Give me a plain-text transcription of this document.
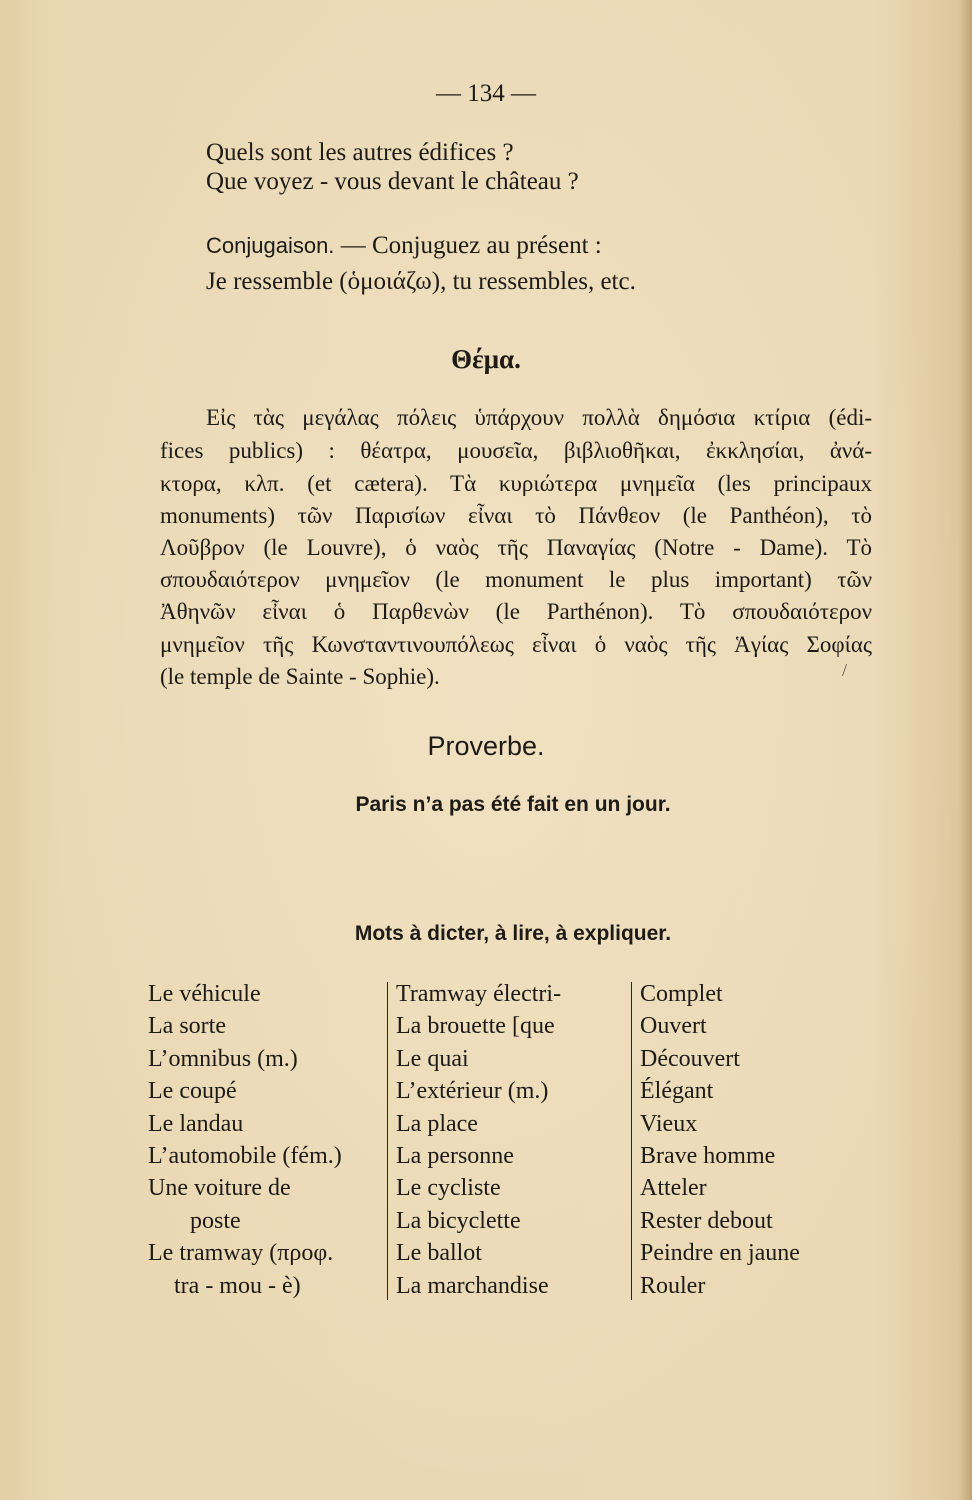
— 134 —
Quels sont les autres édifices ?
Que voyez - vous devant le château ?
Conjugaison. — Conjuguez au présent :
Je ressemble (ὁμοιάζω), tu ressembles, etc.
Θέμα.
Εἰς τὰς μεγάλας πόλεις ὑπάρχουν πολλὰ δημόσια κτίρια (édi-
fices publics) : θέατρα, μουσεῖα, βιβλιοθῆκαι, ἐκκλησίαι, ἀνά-
κτορα, κλπ. (et cætera). Τὰ κυριώτερα μνημεῖα (les principaux
monuments) τῶν Παρισίων εἶναι τὸ Πάνθεον (le Panthéon), τὸ
Λοῦβρον (le Louvre), ὁ ναὸς τῆς Παναγίας (Notre - Dame). Τὸ
σπουδαιότερον μνημεῖον (le monument le plus important) τῶν
Ἀθηνῶν εἶναι ὁ Παρθενὼν (le Parthénon). Τὸ σπουδαιότερον
μνημεῖον τῆς Κωνσταντινουπόλεως εἶναι ὁ ναὸς τῆς Ἁγίας Σοφίας
(le temple de Sainte - Sophie).	/
Proverbe.
Paris n’a pas été fait en un jour.
Mots à dicter, à lire, à expliquer.
Le véhicule
La sorte
L’omnibus (m.)
Le coupé
Le landau
L’automobile (fém.)
Une voiture de
poste
Le tramway (προφ.
tra - mou - è)
Tramway électri-
La brouette [que
Le quai
L’extérieur (m.)
La place
La personne
Le cycliste
La bicyclette
Le ballot
La marchandise
Complet
Ouvert
Découvert
Élégant
Vieux
Brave homme
Atteler
Rester debout
Peindre en jaune
Rouler
